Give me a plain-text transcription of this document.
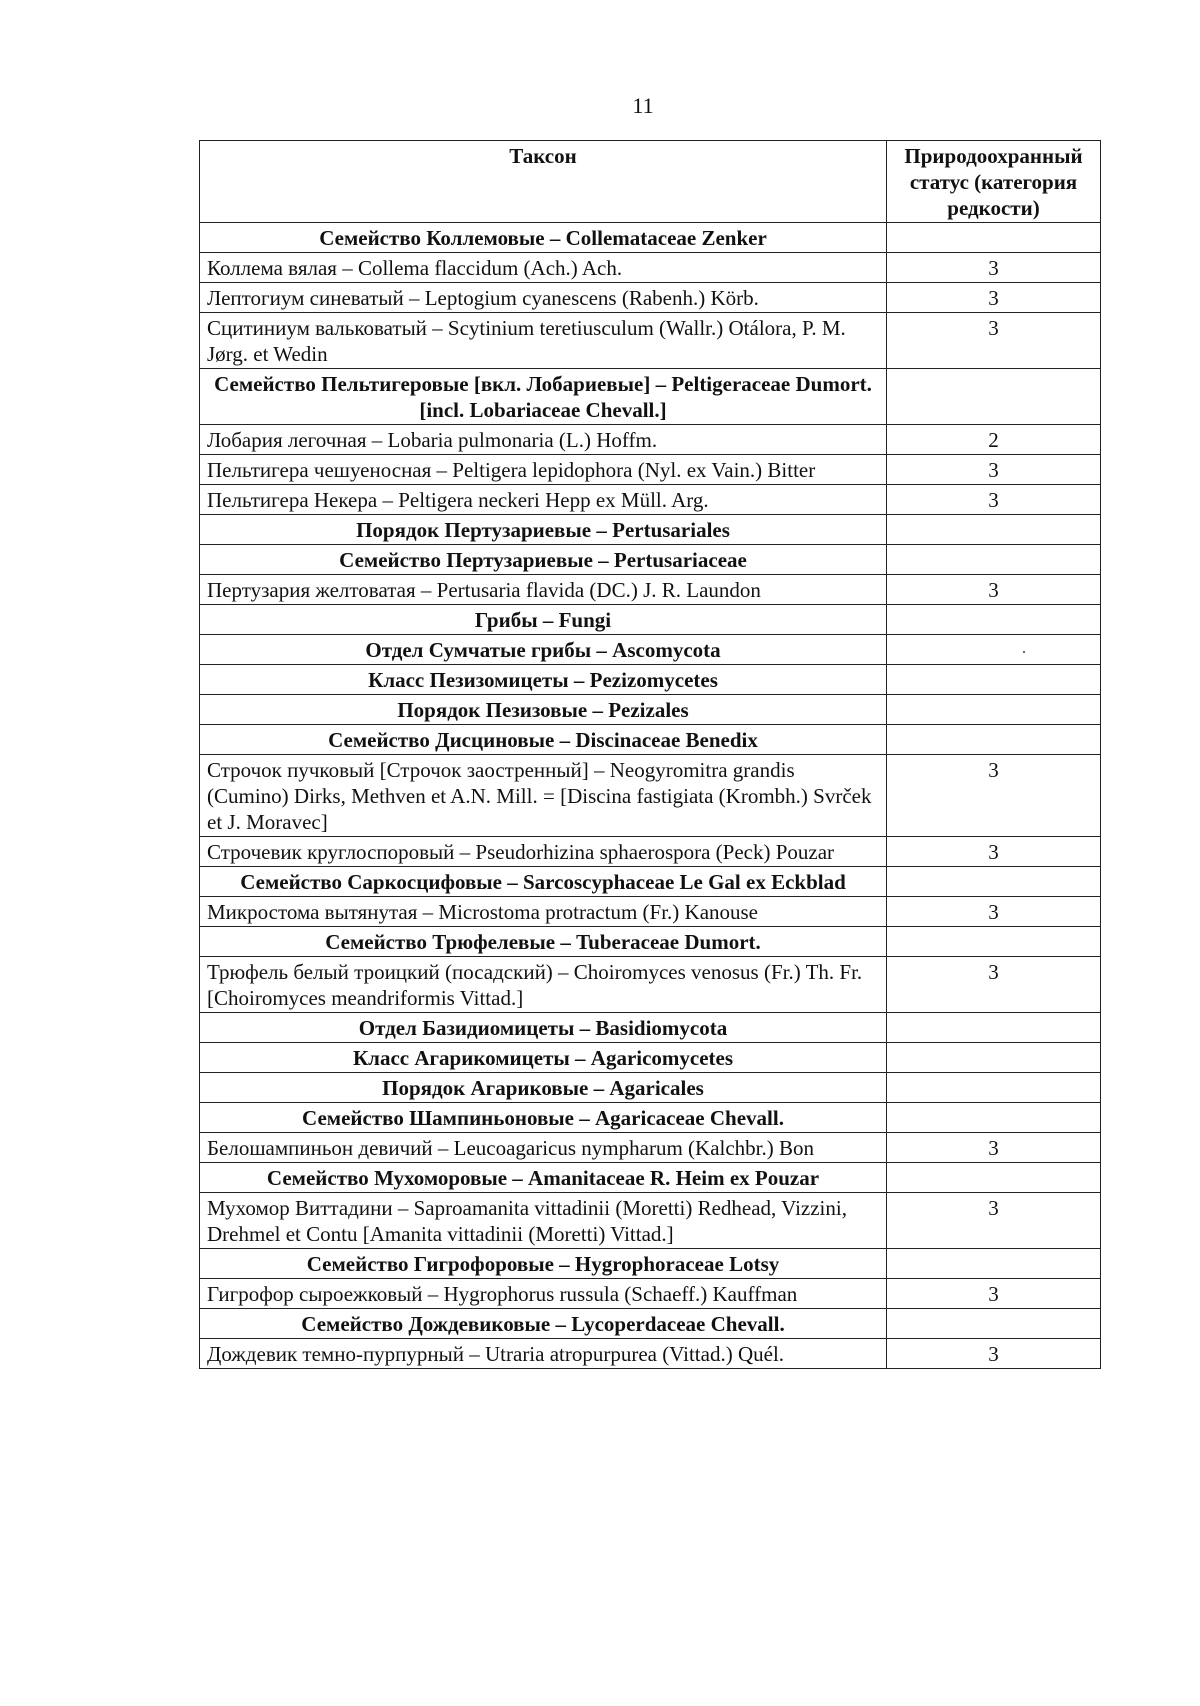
11
Таксон	Природоохранный статус (категория редкости)
Семейство Коллемовые – Collemataceae Zenker	
Коллема вялая – Collema flaccidum (Ach.) Ach.	3
Лептогиум синеватый – Leptogium cyanescens (Rabenh.) Körb.	3
Сцитиниум вальковатый – Scytinium teretiusculum (Wallr.) Otálora, P. M. Jørg. et Wedin	3
Семейство Пельтигеровые [вкл. Лобариевые] – Peltigeraceae Dumort. [incl. Lobariaceae Chevall.]	
Лобария легочная – Lobaria pulmonaria (L.) Hoffm.	2
Пельтигера чешуеносная – Peltigera lepidophora (Nyl. ex Vain.) Bitter	3
Пельтигера Некера – Peltigera neckeri Hepp ex Müll. Arg.	3
Порядок Пертузариевые – Pertusariales	
Семейство Пертузариевые – Pertusariaceae	
Пертузария желтоватая – Pertusaria flavida (DC.) J. R. Laundon	3
Грибы – Fungi	
Отдел Сумчатые грибы – Ascomycota	
Класс Пезизомицеты – Pezizomycetes	
Порядок Пезизовые – Pezizales	
Семейство Дисциновые – Discinaceae Benedix	
Строчок пучковый [Строчок заостренный] – Neogyromitra grandis (Cumino) Dirks, Methven et A.N. Mill. = [Discina fastigiata (Krombh.) Svrček et J. Moravec]	3
Строчевик круглоспоровый – Pseudorhizina sphaerospora (Peck) Pouzar	3
Семейство Саркосцифовые – Sarcoscyphaceae Le Gal ex Eckblad	
Микростома вытянутая – Microstoma protractum (Fr.) Kanouse	3
Семейство Трюфелевые – Tuberaceae Dumort.	
Трюфель белый троицкий (посадский) – Choiromyces venosus (Fr.) Th. Fr. [Choiromyces meandriformis Vittad.]	3
Отдел Базидиомицеты – Basidiomycota	
Класс Агарикомицеты – Agaricomycetes	
Порядок Агариковые – Agaricales	
Семейство Шампиньоновые – Agaricaceae Chevall.	
Белошампиньон девичий – Leucoagaricus nympharum (Kalchbr.) Bon	3
Семейство Мухоморовые – Amanitaceae R. Heim ex Pouzar	
Мухомор Виттадини – Saproamanita vittadinii (Moretti) Redhead, Vizzini, Drehmel et Contu [Amanita vittadinii (Moretti) Vittad.]	3
Семейство Гигрофоровые – Hygrophoraceae Lotsy	
Гигрофор сыроежковый – Hygrophorus russula (Schaeff.) Kauffman	3
Семейство Дождевиковые – Lycoperdaceae Chevall.	
Дождевик темно-пурпурный – Utraria atropurpurea (Vittad.) Quél.	3
